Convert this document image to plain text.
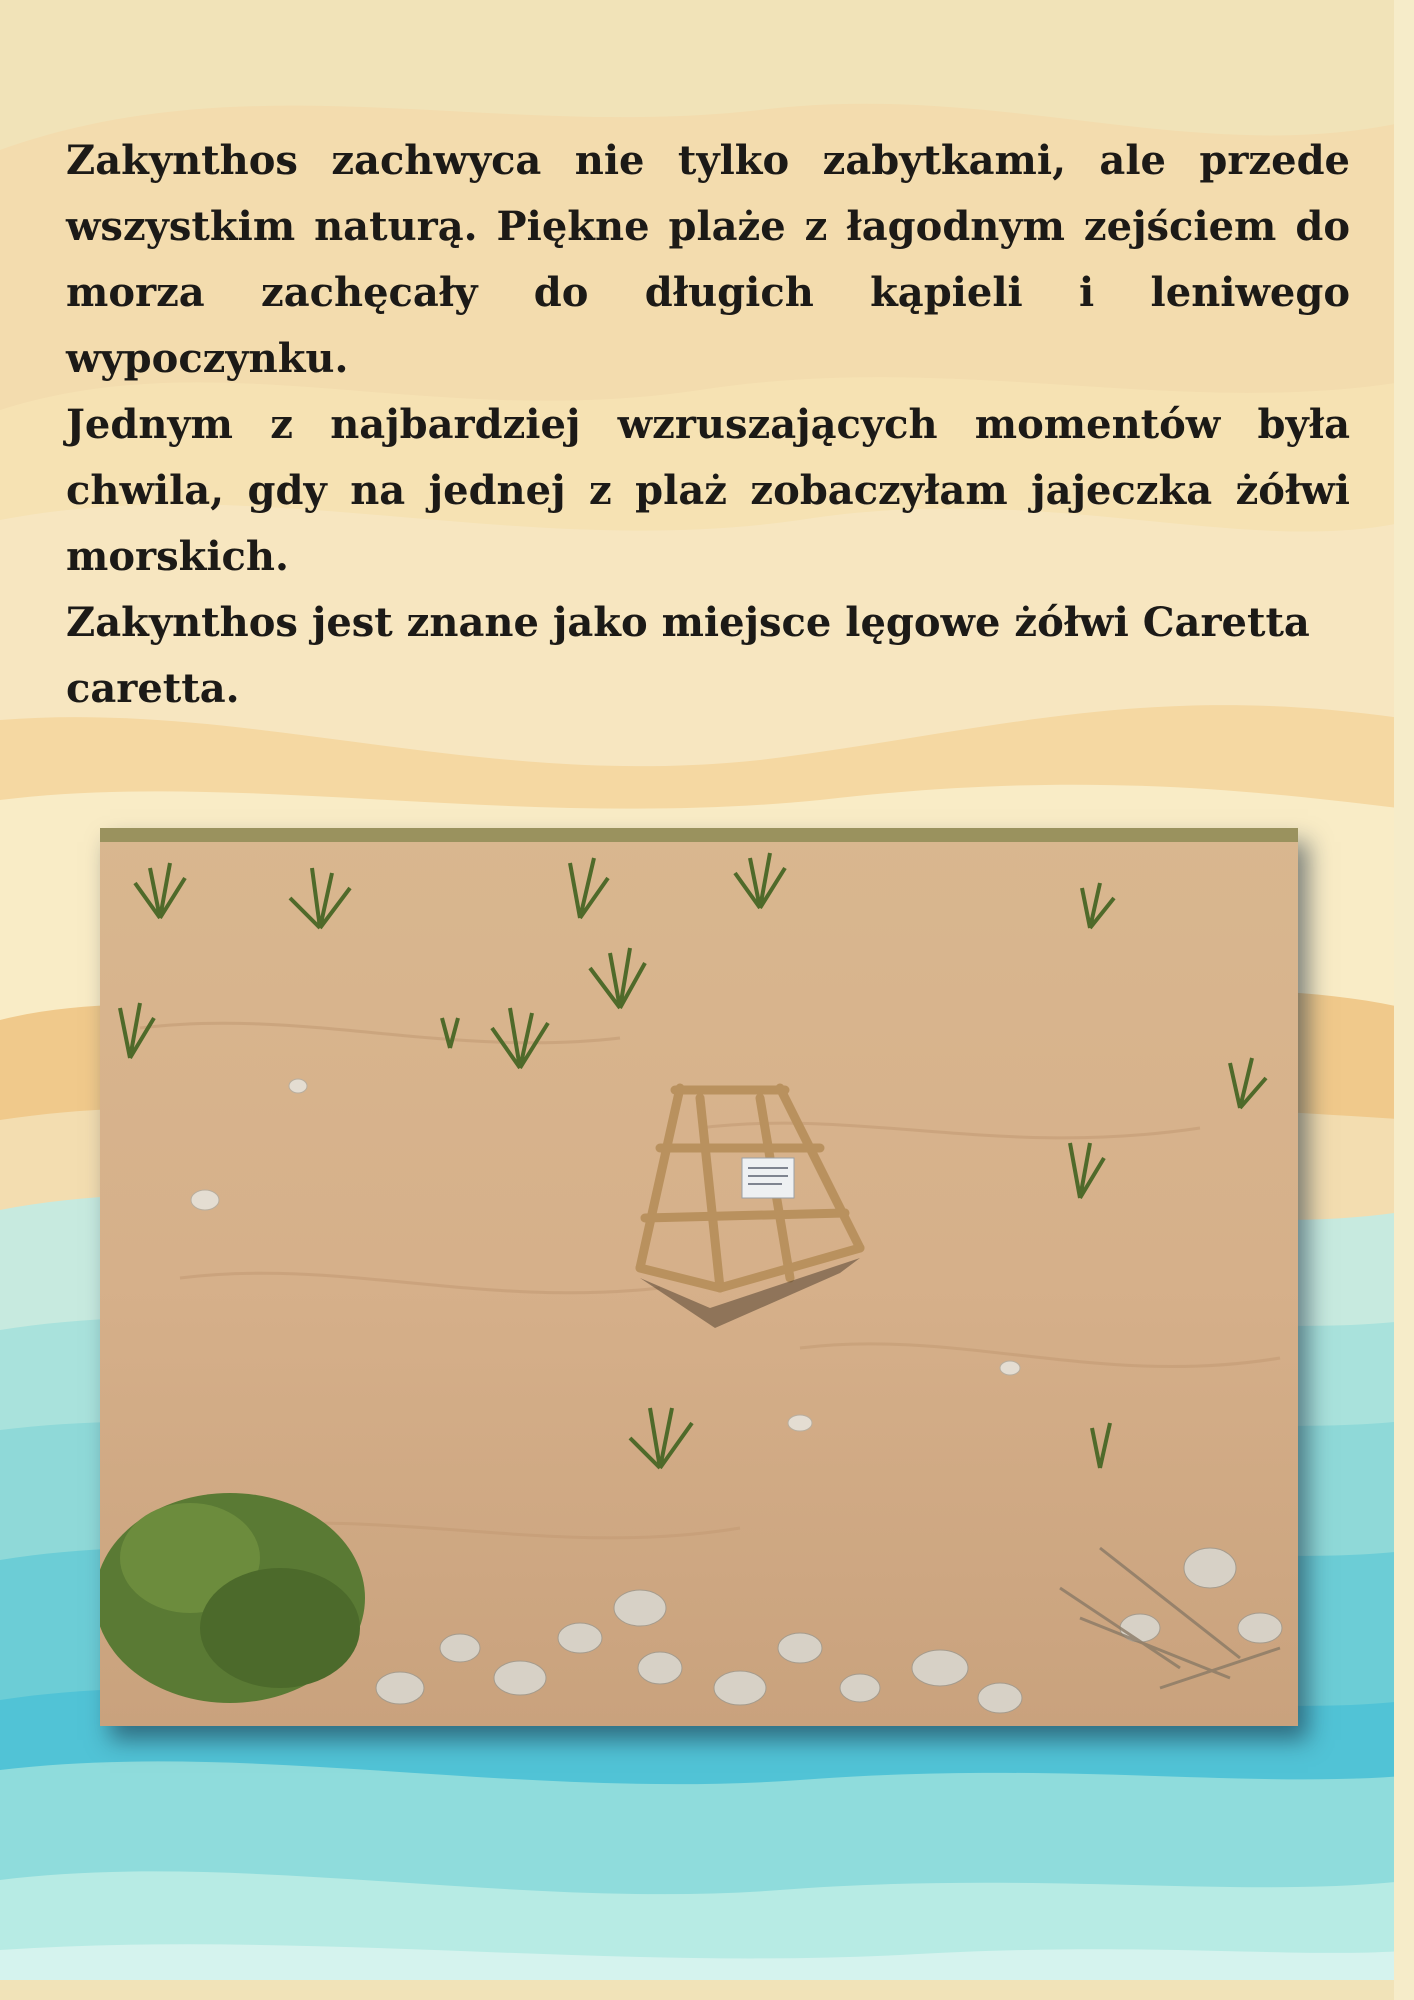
Zakynthos zachwyca nie tylko zabytkami, ale przede wszystkim naturą. Piękne plaże z łagodnym zejściem do morza zachęcały do długich kąpieli i leniwego wypoczynku.

Jednym z najbardziej wzruszających momentów była chwila, gdy na jednej z plaż zobaczyłam jajeczka żółwi morskich.

Zakynthos jest znane jako miejsce lęgowe żółwi Caretta caretta.
